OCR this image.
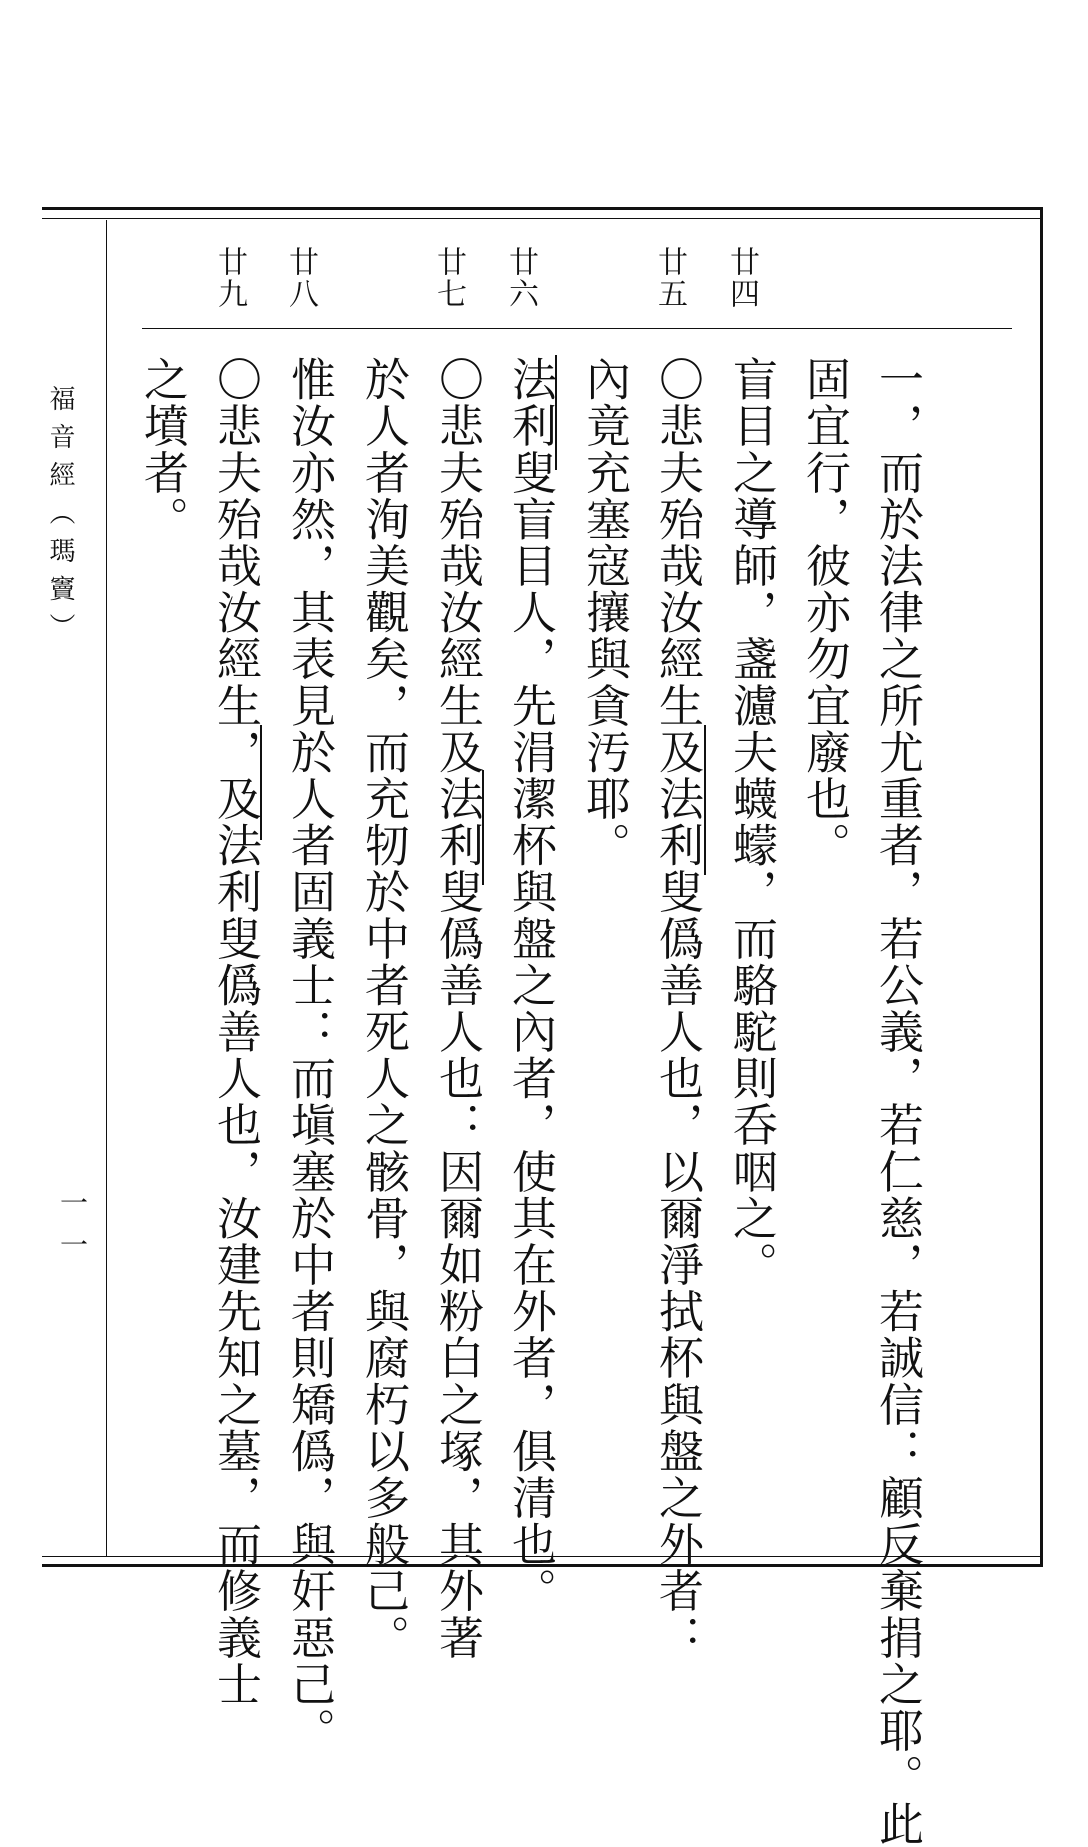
福音經（瑪竇）
一一
廿四
廿五
廿六
廿七
廿八
廿九
一，而於法律之所尤重者，若公義，若仁慈，若誠信：顧反棄捐之耶。此
固宜行，彼亦勿宜廢也。
盲目之導師，盞濾夫蠛蠓，而駱駝則呑咽之。
〇悲夫殆哉汝經生及法利叟僞善人也，以爾淨拭杯與盤之外者：
內竟充塞寇攘與貪汚耶。
法利叟盲目人，先涓潔杯與盤之內者，使其在外者，俱清也。
〇悲夫殆哉汝經生及法利叟僞善人也：因爾如粉白之塚，其外著
於人者洵美觀矣，而充牣於中者死人之骸骨，與腐朽以多般己。
惟汝亦然，其表見於人者固義士：而塡塞於中者則矯僞，與奸惡己。
〇悲夫殆哉汝經生，及法利叟僞善人也，汝建先知之墓，而修義士
之墳者。
